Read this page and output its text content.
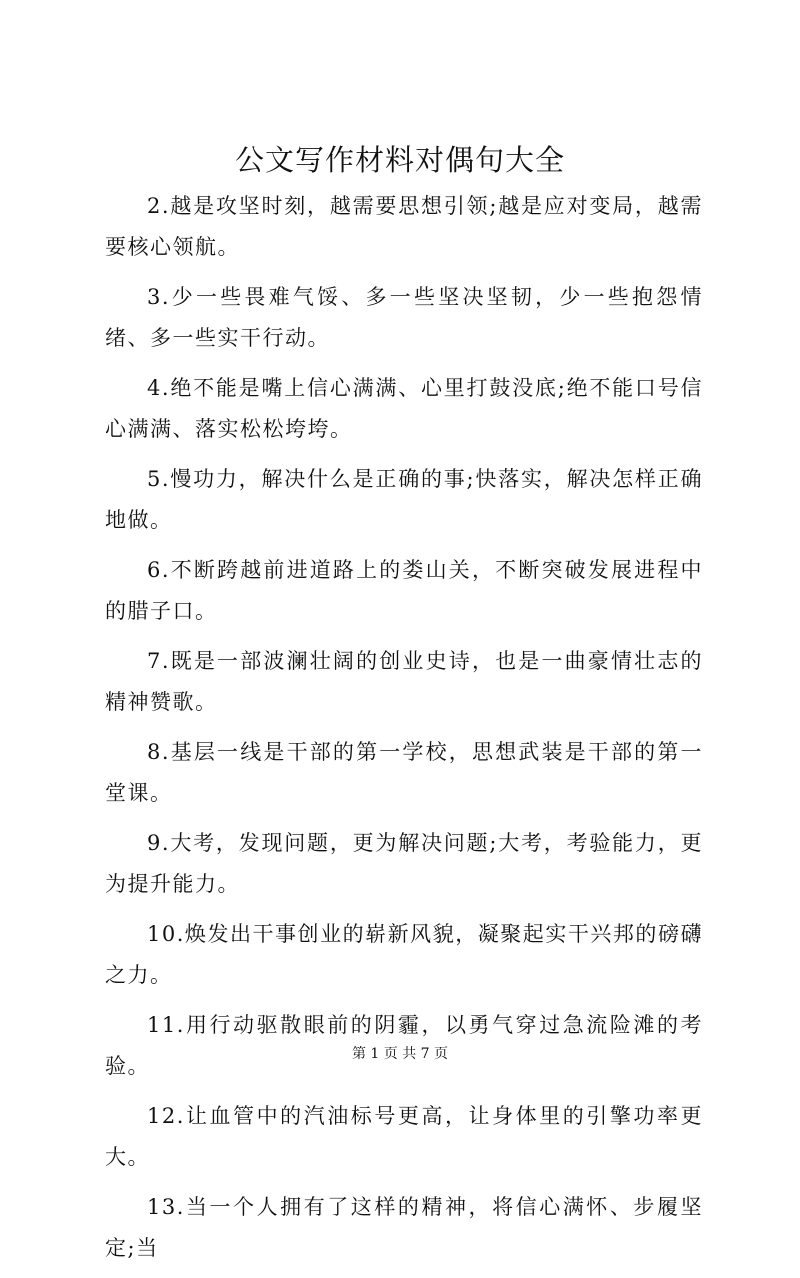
公文写作材料对偶句大全

2.越是攻坚时刻，越需要思想引领;越是应对变局，越需要核心领航。

3.少一些畏难气馁、多一些坚决坚韧，少一些抱怨情绪、多一些实干行动。

4.绝不能是嘴上信心满满、心里打鼓没底;绝不能口号信心满满、落实松松垮垮。

5.慢功力，解决什么是正确的事;快落实，解决怎样正确地做。

6.不断跨越前进道路上的娄山关，不断突破发展进程中的腊子口。

7.既是一部波澜壮阔的创业史诗，也是一曲豪情壮志的精神赞歌。

8.基层一线是干部的第一学校，思想武装是干部的第一堂课。

9.大考，发现问题，更为解决问题;大考，考验能力，更为提升能力。

10.焕发出干事创业的崭新风貌，凝聚起实干兴邦的磅礴之力。

11.用行动驱散眼前的阴霾，以勇气穿过急流险滩的考验。

12.让血管中的汽油标号更高，让身体里的引擎功率更大。

13.当一个人拥有了这样的精神，将信心满怀、步履坚定;当

第 1 页 共 7 页
